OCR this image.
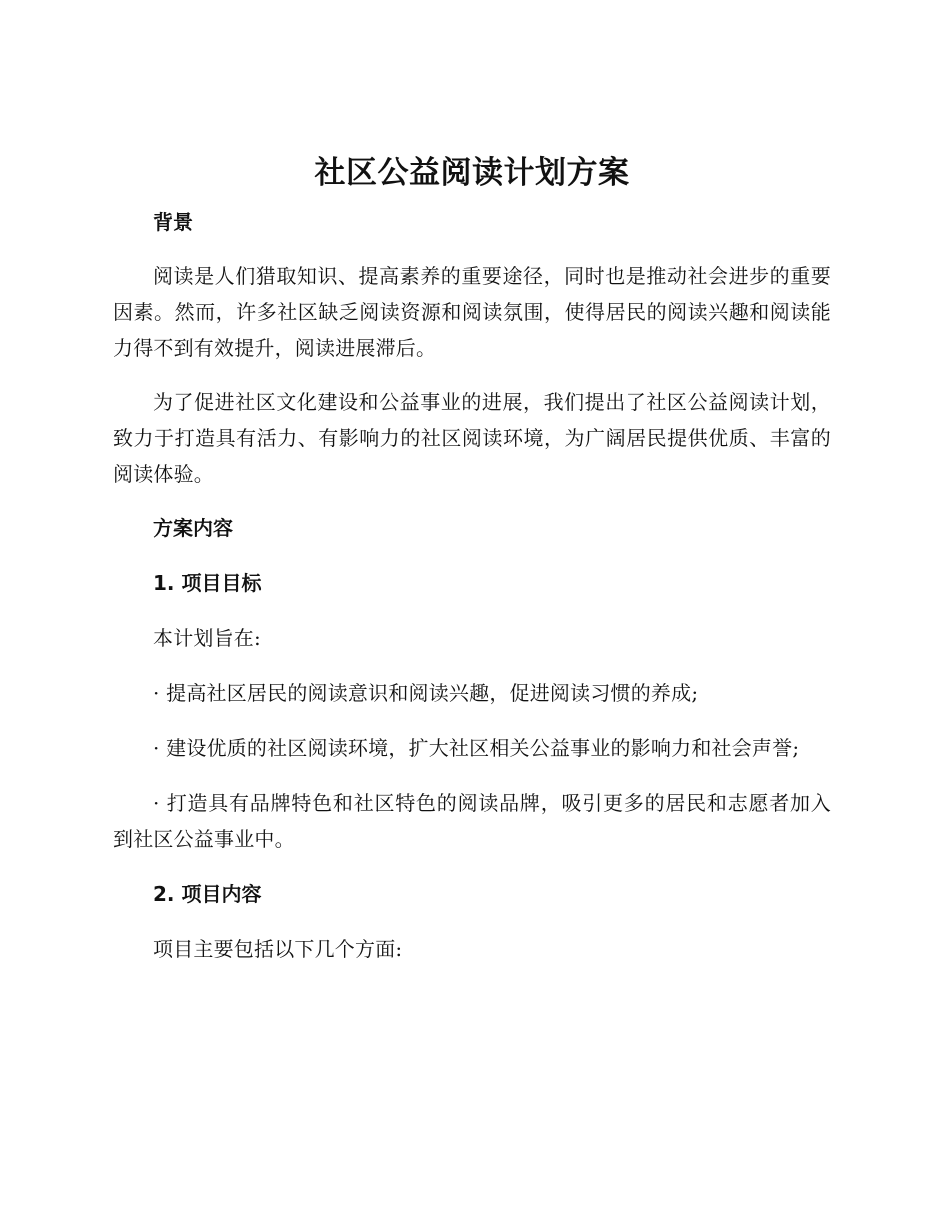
社区公益阅读计划方案

背景

阅读是人们猎取知识、提高素养的重要途径，同时也是推动社会进步的重要因素。然而，许多社区缺乏阅读资源和阅读氛围，使得居民的阅读兴趣和阅读能力得不到有效提升，阅读进展滞后。

为了促进社区文化建设和公益事业的进展，我们提出了社区公益阅读计划，致力于打造具有活力、有影响力的社区阅读环境，为广阔居民提供优质、丰富的阅读体验。

方案内容

1. 项目目标

本计划旨在:

· 提高社区居民的阅读意识和阅读兴趣，促进阅读习惯的养成;

· 建设优质的社区阅读环境，扩大社区相关公益事业的影响力和社会声誉;

· 打造具有品牌特色和社区特色的阅读品牌，吸引更多的居民和志愿者加入到社区公益事业中。

2. 项目内容

项目主要包括以下几个方面:
